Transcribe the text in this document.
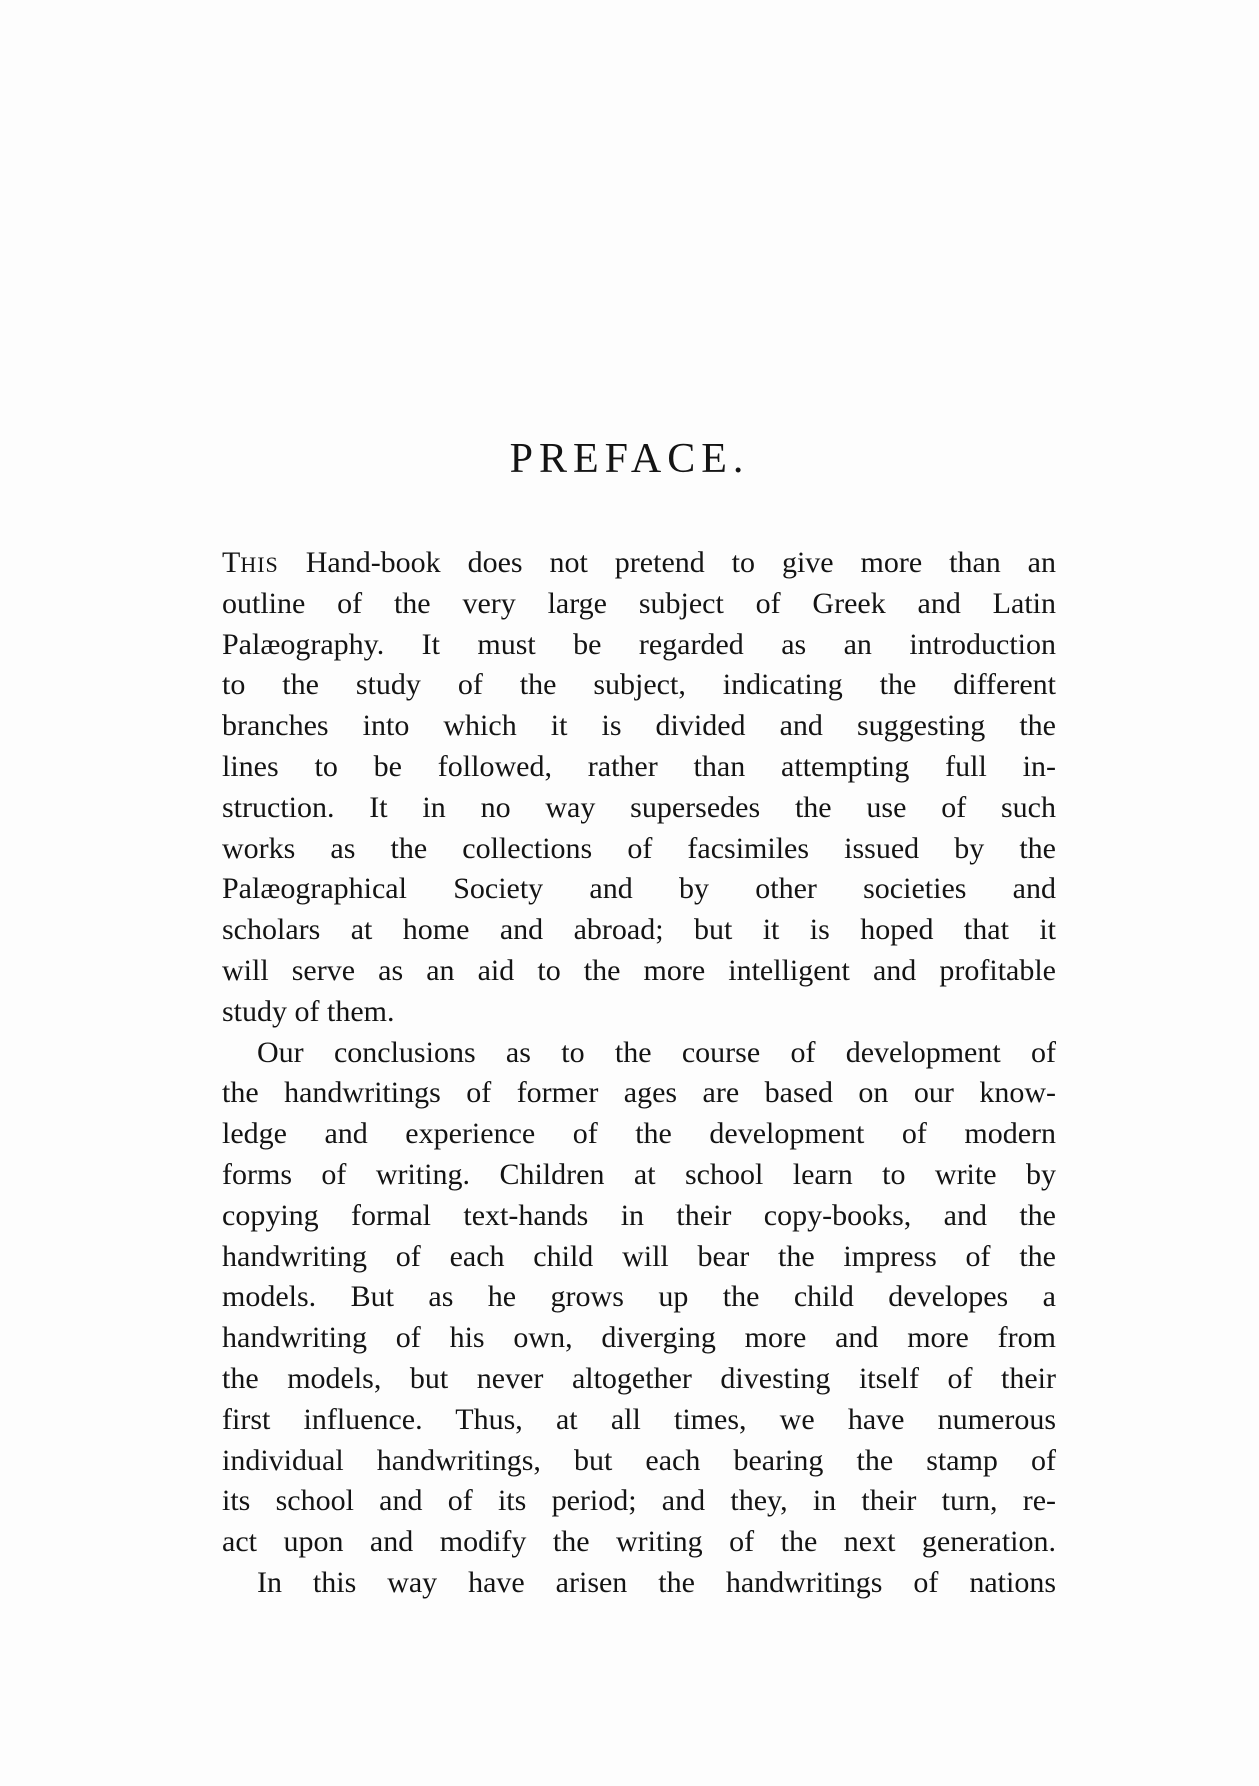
PREFACE.
THIS Hand-book does not pretend to give more than an
outline of the very large subject of Greek and Latin
Palæography. It must be regarded as an introduction
to the study of the subject, indicating the different
branches into which it is divided and suggesting the
lines to be followed, rather than attempting full in-
struction. It in no way supersedes the use of such
works as the collections of facsimiles issued by the
Palæographical Society and by other societies and
scholars at home and abroad; but it is hoped that it
will serve as an aid to the more intelligent and profitable
study of them.
Our conclusions as to the course of development of
the handwritings of former ages are based on our know-
ledge and experience of the development of modern
forms of writing. Children at school learn to write by
copying formal text-hands in their copy-books, and the
handwriting of each child will bear the impress of the
models. But as he grows up the child developes a
handwriting of his own, diverging more and more from
the models, but never altogether divesting itself of their
first influence. Thus, at all times, we have numerous
individual handwritings, but each bearing the stamp of
its school and of its period; and they, in their turn, re-
act upon and modify the writing of the next generation.
In this way have arisen the handwritings of nations
